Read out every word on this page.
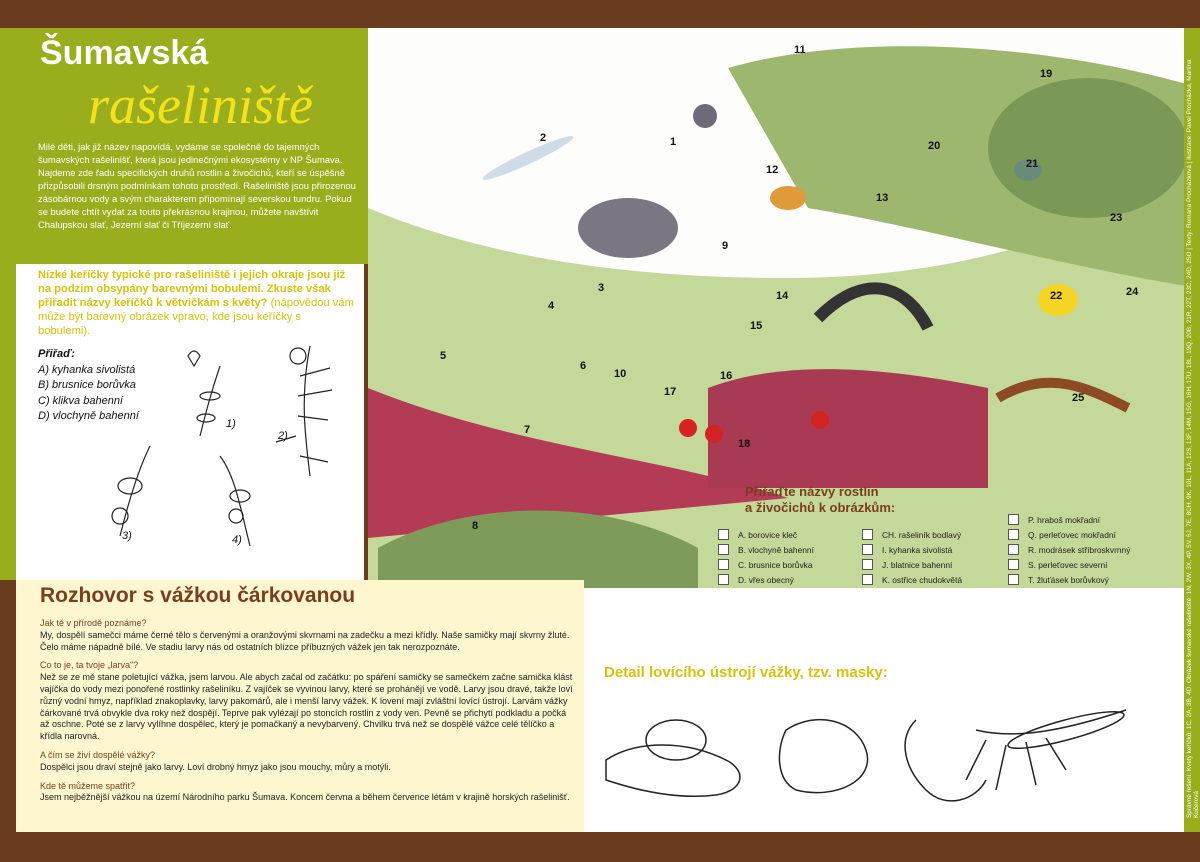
Šumavská
rašeliniště
Milé děti, jak již název napovídá, vydáme se společně do tajemných šumavských rašelinišť, která jsou jedinečnými ekosystémy v NP Šumava. Najdeme zde řadu specifických druhů rostlin a živočichů, kteří se úspěšně přizpůsobili drsným podmínkám tohoto prostředí. Rašeliniště jsou přirozenou zásobárnou vody a svým charakterem připomínají severskou tundru. Pokud se budete chtít vydat za touto překrásnou krajinou, můžete navštívit Chalupskou slať, Jezerní slať či Tříjezerní slať.
Nízké keříčky typické pro rašeliniště i jejich okraje jsou již na podzim obsypány barevnými bobulemi. Zkuste však přiřadit názvy keříčků k větvičkám s květy? (nápovědou vám může být barevný obrázek vpravo, kde jsou keříčky s bobulemi).
Přiřaď:
A) kyhanka sivolistá
B) brusnice borůvka
C) klikva bahenní
D) vlochyně bahenní
1)
2)
3)	4)
11
19
2	1	20
21
12
13
23
9
3
14	22	24
4
15
5
6
16
10
17	25
7
18
8
Přiřaďte názvy rostlin
a živočichů k obrázkům:
A. borovice kleč
B. vlochyně bahenní
C. brusnice borůvka
D. vřes obecný
CH. rašeliník bodlavý
I. kyhanka sivolistá
J. blatnice bahenní
K. ostřice chudokvětá
P. hraboš mokřadní
Q. perleťovec mokřadní
R. modrásek stříbroskvrnný
S. perleťovec severní
T. žluťásek borůvkový
Rozhovor s vážkou čárkovanou
Jak tě v přírodě poznáme?
My, dospělí samečci máme černé tělo s červenými a oranžovými skvrnami na zadečku a mezi křídly. Naše samičky mají skvrny žluté. Čelo máme nápadně bílé. Ve stadiu larvy nás od ostatních blízce příbuzných vážek jen tak nerozpoznáte.
Co to je, ta tvoje „larva"?
Než se ze mě stane poletující vážka, jsem larvou. Ale abych začal od začátku: po spáření samičky se samečkem začne samička klást vajíčka do vody mezi ponořené rostlinky rašeliníku. Z vajíček se vyvinou larvy, které se prohánějí ve vodě. Larvy jsou dravé, takže loví různý vodní hmyz, například znakoplavky, larvy pakomárů, ale i menší larvy vážek. K lovení mají zvláštní lovící ústrojí. Larvám vážky čárkované trvá obvykle dva roky než dospějí. Teprve pak vylézají po stoncích rostlin z vody ven. Pevně se přichytí podkladu a počká až oschne. Poté se z larvy vylíhne dospělec, který je pomačkaný a nevybarvený. Chvilku trvá než se dospělé vážce celé tělíčko a křídla narovná.
A čím se živí dospělé vážky?
Dospělci jsou draví stejně jako larvy. Loví drobný hmyz jako jsou mouchy, můry a motýli.
Kde tě můžeme spatřit?
Jsem nejběžnější vážkou na území Národního parku Šumava. Koncem června a během července létám v krajině horských rašelinišť.
Detail lovícího ústrojí vážky, tzv. masky:	Správné řešení: Kvetý keříčků: 1C, 2A, 3B, 4D. Obrázek šumavské rašeliniště: 1N, 2W, 3X, 4P, 5V, 6J, 7E, 8CH, 9K, 10L, 11A, 12S, 13F, 14M, 15G, 16H, 17U, 18L, 19Q, 20B, 21R, 22T, 23C, 24D, 25O | Texty: Romana Procházková | Ilustrace: Pavel Procházka, Martina Kučerová
